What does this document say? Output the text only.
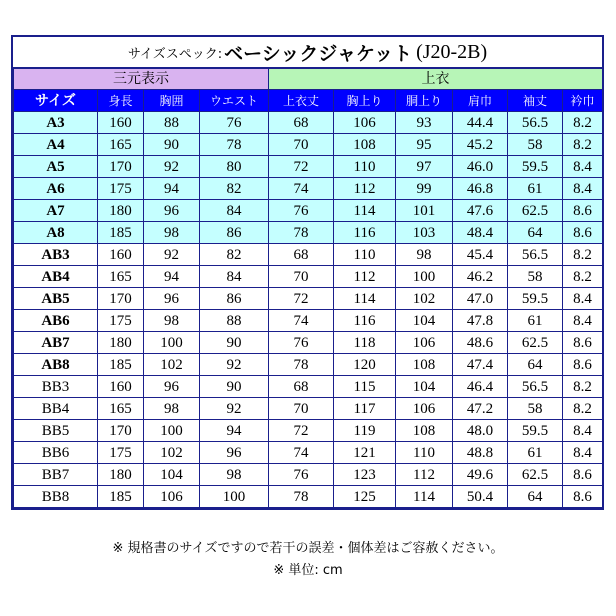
サイズスペック: ベーシックジャケット (J20-2B)
三元表示				上衣					
サイズ	身長	胸囲	ウエスト	上衣丈	胸上り	胴上り	肩巾	袖丈	衿巾
A3	160	88	76	68	106	93	44.4	56.5	8.2
A4	165	90	78	70	108	95	45.2	58	8.2
A5	170	92	80	72	110	97	46.0	59.5	8.4
A6	175	94	82	74	112	99	46.8	61	8.4
A7	180	96	84	76	114	101	47.6	62.5	8.6
A8	185	98	86	78	116	103	48.4	64	8.6
AB3	160	92	82	68	110	98	45.4	56.5	8.2
AB4	165	94	84	70	112	100	46.2	58	8.2
AB5	170	96	86	72	114	102	47.0	59.5	8.4
AB6	175	98	88	74	116	104	47.8	61	8.4
AB7	180	100	90	76	118	106	48.6	62.5	8.6
AB8	185	102	92	78	120	108	47.4	64	8.6
BB3	160	96	90	68	115	104	46.4	56.5	8.2
BB4	165	98	92	70	117	106	47.2	58	8.2
BB5	170	100	94	72	119	108	48.0	59.5	8.4
BB6	175	102	96	74	121	110	48.8	61	8.4
BB7	180	104	98	76	123	112	49.6	62.5	8.6
BB8	185	106	100	78	125	114	50.4	64	8.6
※ 規格書のサイズですので若干の誤差・個体差はご容赦ください。
※ 単位: cm
